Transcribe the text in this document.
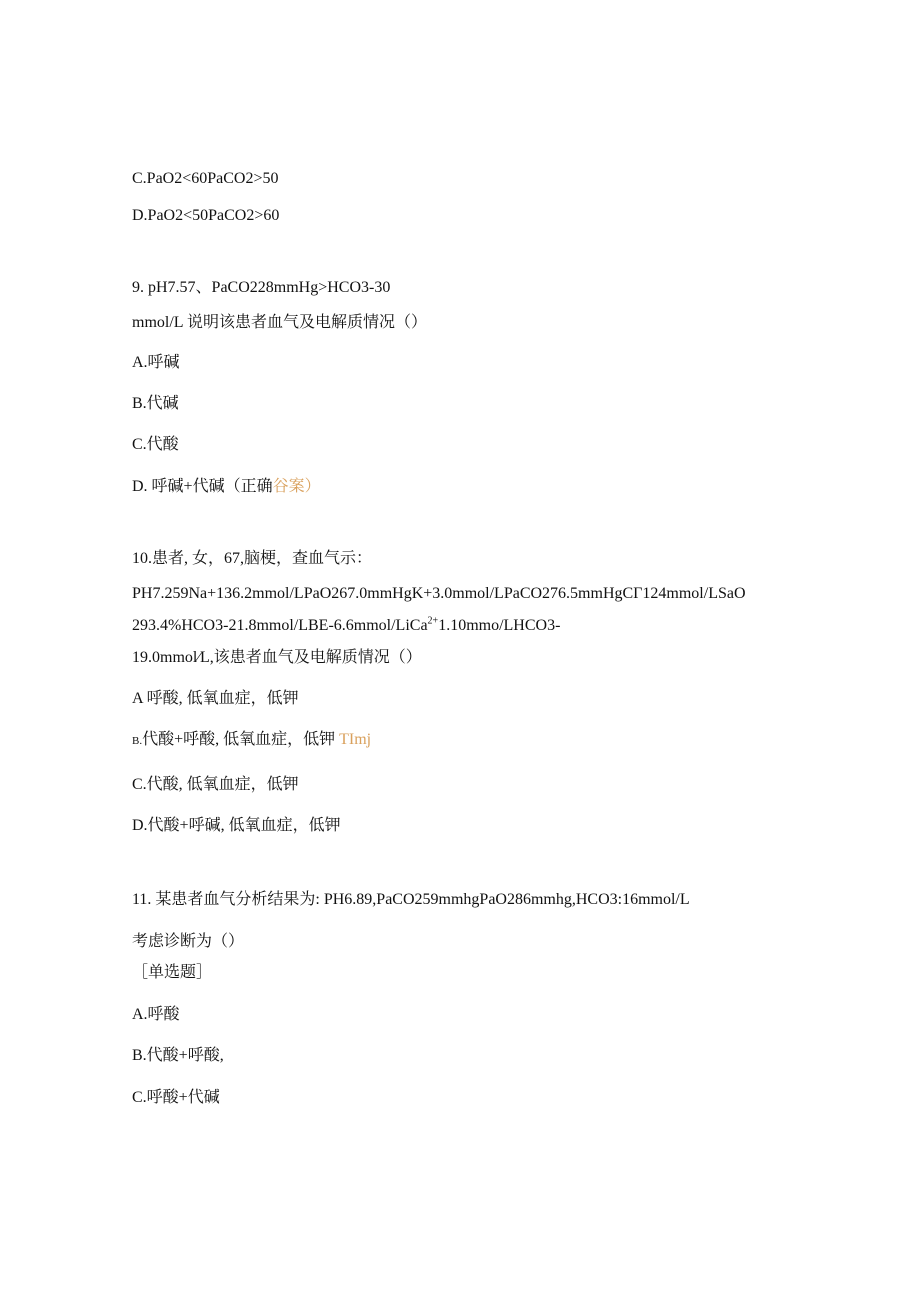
C.PaO2<60PaCO2>50
D.PaO2<50PaCO2>60
9. pH7.57、PaCO228mmHg>HCO3-30
mmol/L 说明该患者血气及电解质情况（）
A.呼碱
B.代碱
C.代酸
D. 呼碱+代碱（正确谷案）
10.患者, 女，67,脑梗，查血气示：
PH7.259Na+136.2mmol/LPaO267.0mmHgK+3.0mmol/LPaCO276.5mmHgCΓ124mmol/LSaO
293.4%HCO3-21.8mmol/LBE-6.6mmol/LiCa$^{2+}$1.10mmo/LHCO3-
19.0mmol⁄L,该患者血气及电解质情况（）
A 呼酸, 低氧血症，低钾
B.代酸+呼酸, 低氧血症，低钾 TImj
C.代酸, 低氧血症，低钾
D.代酸+呼碱, 低氧血症，低钾
11. 某患者血气分析结果为: PH6.89,PaCO259mmhgPaO286mmhg,HCO3:16mmol/L
考虑诊断为（）
［单选题］
A.呼酸
B.代酸+呼酸,
C.呼酸+代碱
